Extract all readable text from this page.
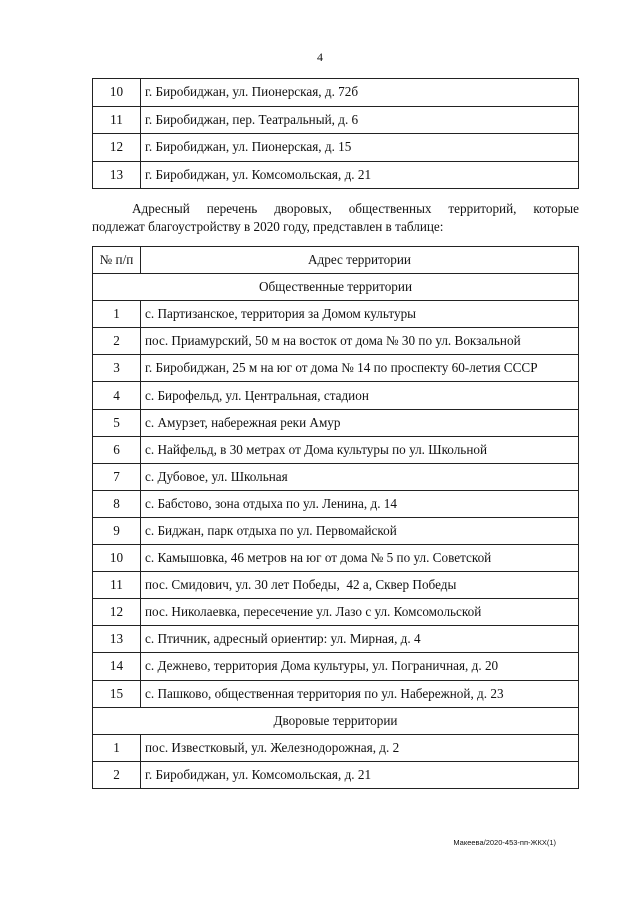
4
10	г. Биробиджан, ул. Пионерская, д. 72б
11	г. Биробиджан, пер. Театральный, д. 6
12	г. Биробиджан, ул. Пионерская, д. 15
13	г. Биробиджан, ул. Комсомольская, д. 21

Адресный перечень дворовых, общественных территорий, которые
подлежат благоустройству в 2020 году, представлен в таблице:

№ п/п	Адрес территории
Общественные территории	
1	с. Партизанское, территория за Домом культуры
2	пос. Приамурский, 50 м на восток от дома № 30 по ул. Вокзальной
3	г. Биробиджан, 25 м на юг от дома № 14 по проспекту 60-летия СССР
4	с. Бирофельд, ул. Центральная, стадион
5	с. Амурзет, набережная реки Амур
6	с. Найфельд, в 30 метрах от Дома культуры по ул. Школьной
7	с. Дубовое, ул. Школьная
8	с. Бабстово, зона отдыха по ул. Ленина, д. 14
9	с. Биджан, парк отдыха по ул. Первомайской
10	с. Камышовка, 46 метров на юг от дома № 5 по ул. Советской
11	пос. Смидович, ул. 30 лет Победы,  42 а, Сквер Победы
12	пос. Николаевка, пересечение ул. Лазо с ул. Комсомольской
13	с. Птичник, адресный ориентир: ул. Мирная, д. 4
14	с. Дежнево, территория Дома культуры, ул. Пограничная, д. 20
15	с. Пашково, общественная территория по ул. Набережной, д. 23
Дворовые территории	
1	пос. Известковый, ул. Железнодорожная, д. 2
2	г. Биробиджан, ул. Комсомольская, д. 21
Макеева/2020-453-пп-ЖКХ(1)
